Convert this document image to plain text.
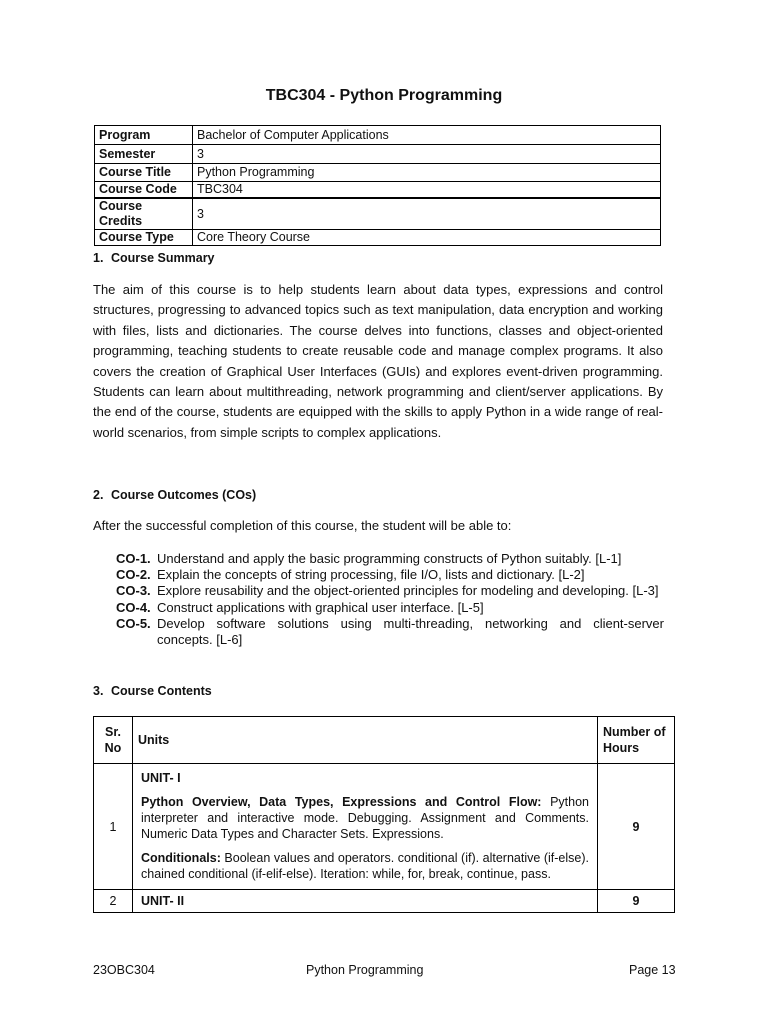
TBC304 - Python Programming
Program	Bachelor of Computer Applications
Semester	3
Course Title	Python Programming
Course Code	TBC304
Course Credits	3
Course Type	Core Theory Course
1. Course Summary

The aim of this course is to help students learn about data types, expressions and control structures, progressing to advanced topics such as text manipulation, data encryption and working with files, lists and dictionaries. The course delves into functions, classes and object-oriented programming, teaching students to create reusable code and manage complex programs. It also covers the creation of Graphical User Interfaces (GUIs) and explores event-driven programming. Students can learn about multithreading, network programming and client/server applications. By the end of the course, students are equipped with the skills to apply Python in a wide range of real-world scenarios, from simple scripts to complex applications.

2. Course Outcomes (COs)

After the successful completion of this course, the student will be able to:

CO-1. Understand and apply the basic programming constructs of Python suitably. [L-1]
CO-2. Explain the concepts of string processing, file I/O, lists and dictionary. [L-2]
CO-3. Explore reusability and the object-oriented principles for modeling and developing. [L-3]
CO-4. Construct applications with graphical user interface. [L-5]
CO-5. Develop software solutions using multi-threading, networking and client-server concepts. [L-6]
3. Course Contents
Sr. No	Units	Number of Hours
1	UNIT- I

Python Overview, Data Types, Expressions and Control Flow: Python interpreter and interactive mode. Debugging. Assignment and Comments. Numeric Data Types and Character Sets. Expressions.

Conditionals: Boolean values and operators. conditional (if). alternative (if-else). chained conditional (if-elif-else). Iteration: while, for, break, continue, pass.	9
2	UNIT- II	9

23OBC304	Python Programming	Page 13
